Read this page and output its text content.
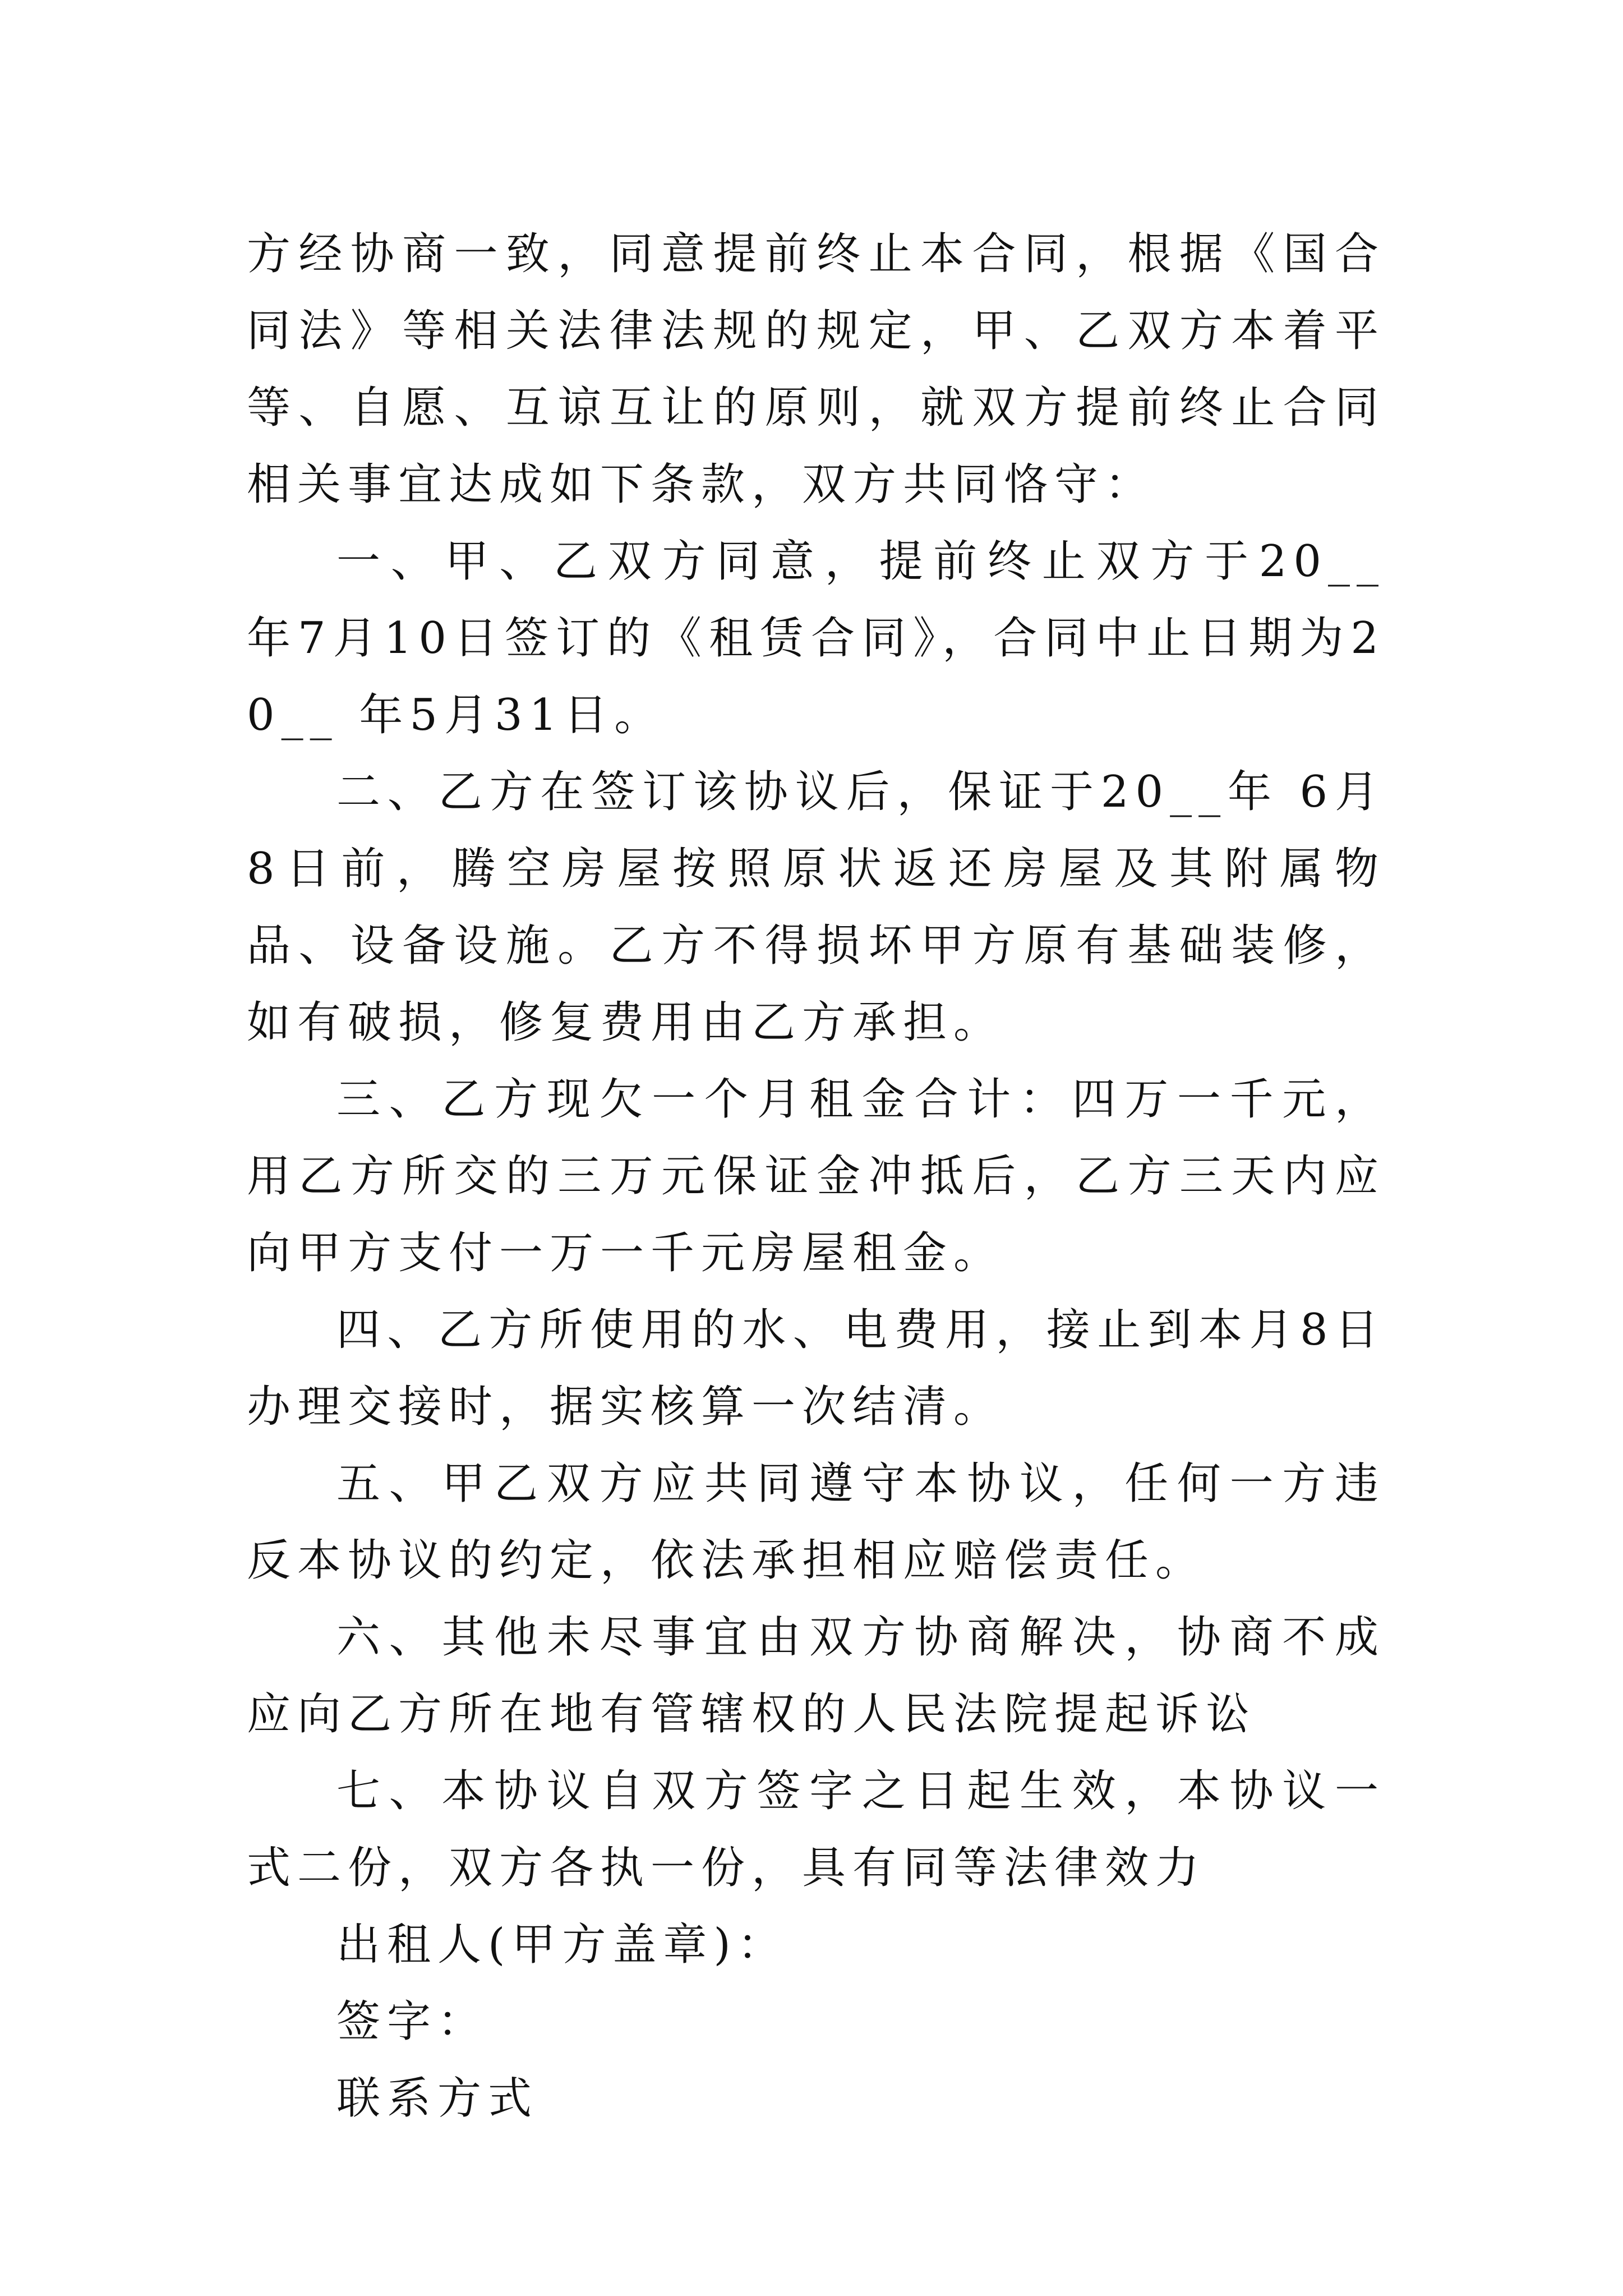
方经协商一致，同意提前终止本合同，根据《国合同法》等相关法律法规的规定，甲、乙双方本着平等、自愿、互谅互让的原则，就双方提前终止合同相关事宜达成如下条款，双方共同恪守：

一、甲、乙双方同意，提前终止双方于20__ 年7月10日签订的《租赁合同》，合同中止日期为20__ 年5月31日。

二、乙方在签订该协议后，保证于20__年 6月8日前，腾空房屋按照原状返还房屋及其附属物品、设备设施。乙方不得损坏甲方原有基础装修，如有破损，修复费用由乙方承担。

三、乙方现欠一个月租金合计：四万一千元，用乙方所交的三万元保证金冲抵后，乙方三天内应向甲方支付一万一千元房屋租金。

四、乙方所使用的水、电费用，接止到本月8日办理交接时，据实核算一次结清。

五、甲乙双方应共同遵守本协议，任何一方违反本协议的约定，依法承担相应赔偿责任。

六、其他未尽事宜由双方协商解决，协商不成应向乙方所在地有管辖权的人民法院提起诉讼

七、本协议自双方签字之日起生效，本协议一式二份，双方各执一份，具有同等法律效力

出租人(甲方盖章)：

签字：

联系方式
